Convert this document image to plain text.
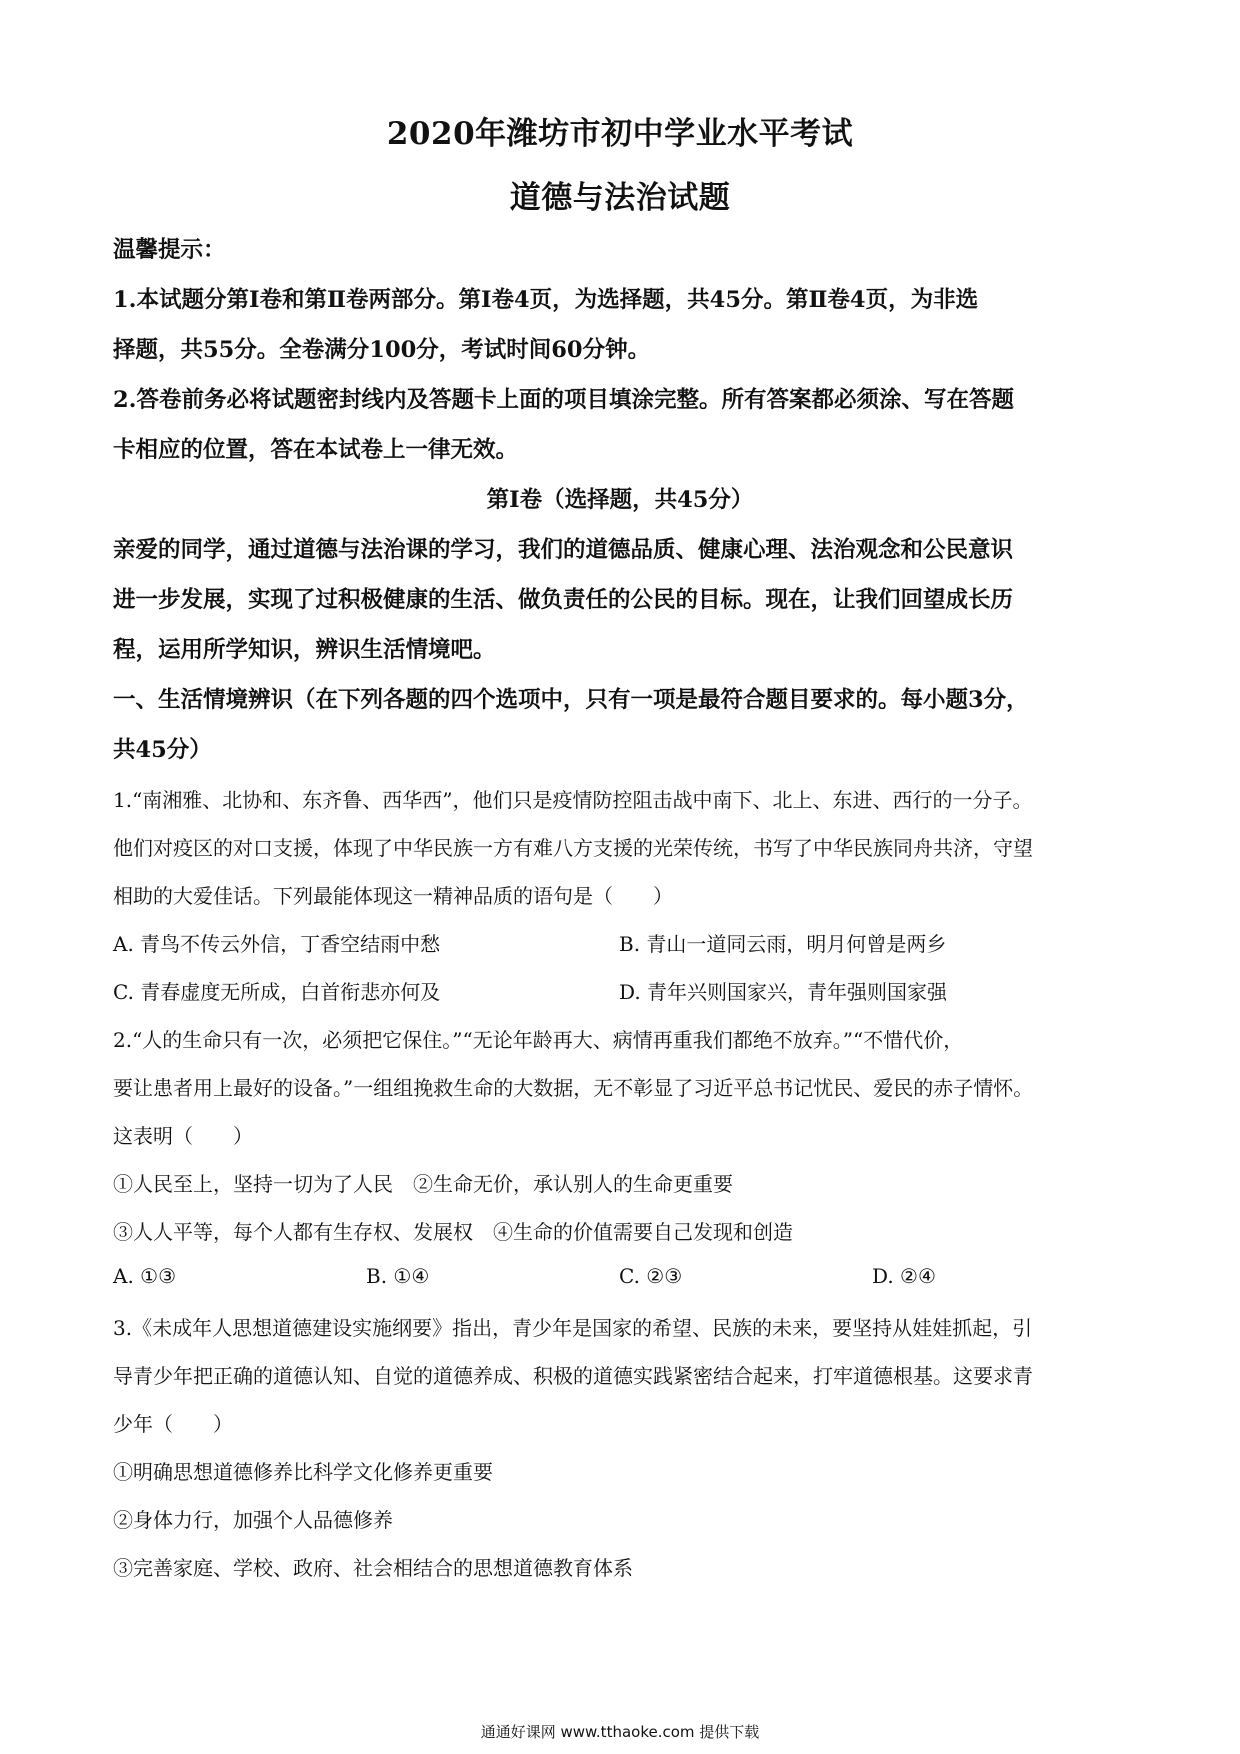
2020年潍坊市初中学业水平考试
道德与法治试题
温馨提示：
1.本试题分第Ⅰ卷和第Ⅱ卷两部分。第Ⅰ卷4页，为选择题，共45分。第Ⅱ卷4页，为非选
择题，共55分。全卷满分100分，考试时间60分钟。
2.答卷前务必将试题密封线内及答题卡上面的项目填涂完整。所有答案都必须涂、写在答题
卡相应的位置，答在本试卷上一律无效。
第Ⅰ卷（选择题，共45分）
亲爱的同学，通过道德与法治课的学习，我们的道德品质、健康心理、法治观念和公民意识
进一步发展，实现了过积极健康的生活、做负责任的公民的目标。现在，让我们回望成长历
程，运用所学知识，辨识生活情境吧。
一、生活情境辨识（在下列各题的四个选项中，只有一项是最符合题目要求的。每小题3分，
共45分）
1.“南湘雅、北协和、东齐鲁、西华西”，他们只是疫情防控阻击战中南下、北上、东进、西行的一分子。
他们对疫区的对口支援，体现了中华民族一方有难八方支援的光荣传统，书写了中华民族同舟共济，守望
相助的大爱佳话。下列最能体现这一精神品质的语句是（　　）
A. 青鸟不传云外信，丁香空结雨中愁	B. 青山一道同云雨，明月何曾是两乡
C. 青春虚度无所成，白首衔悲亦何及	D. 青年兴则国家兴，青年强则国家强
2.“人的生命只有一次，必须把它保住。”“无论年龄再大、病情再重我们都绝不放弃。”“不惜代价，
要让患者用上最好的设备。”一组组挽救生命的大数据，无不彰显了习近平总书记忧民、爱民的赤子情怀。
这表明（　　）
①人民至上，坚持一切为了人民　②生命无价，承认别人的生命更重要
③人人平等，每个人都有生存权、发展权　④生命的价值需要自己发现和创造
A. ①③	B. ①④	C. ②③	D. ②④
3.《未成年人思想道德建设实施纲要》指出，青少年是国家的希望、民族的未来，要坚持从娃娃抓起，引
导青少年把正确的道德认知、自觉的道德养成、积极的道德实践紧密结合起来，打牢道德根基。这要求青
少年（　　）
①明确思想道德修养比科学文化修养更重要
②身体力行，加强个人品德修养
③完善家庭、学校、政府、社会相结合的思想道德教育体系
通通好课网 www.tthaoke.com 提供下载
